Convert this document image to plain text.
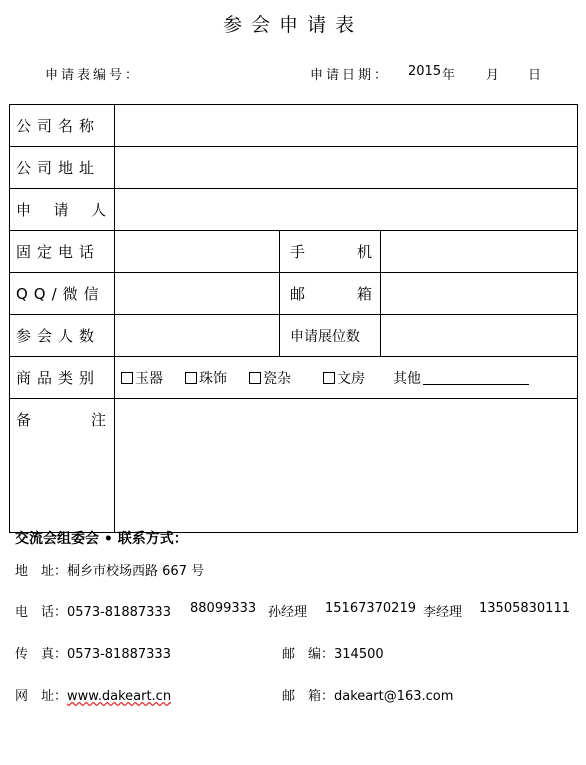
参会申请表
申请表编号：	申请日期： 2015 年 月 日
公司名称			
公司地址			

申 请 人			

固定电话		手 机	

QQ/微信		邮 箱	

参会人数		申请展位数	
商品类别	玉器 珠饰 瓷杂 文房 其他		

备 注			

交流会组委会 • 联系方式：
地　址：桐乡市校场西路 667 号
电　话：0573-81887333 88099333 孙经理 15167370219 李经理 13505830111
传　真：0573-81887333	邮　编：314500
网　址：www.dakeart.cn	邮　箱：dakeart@163.com
